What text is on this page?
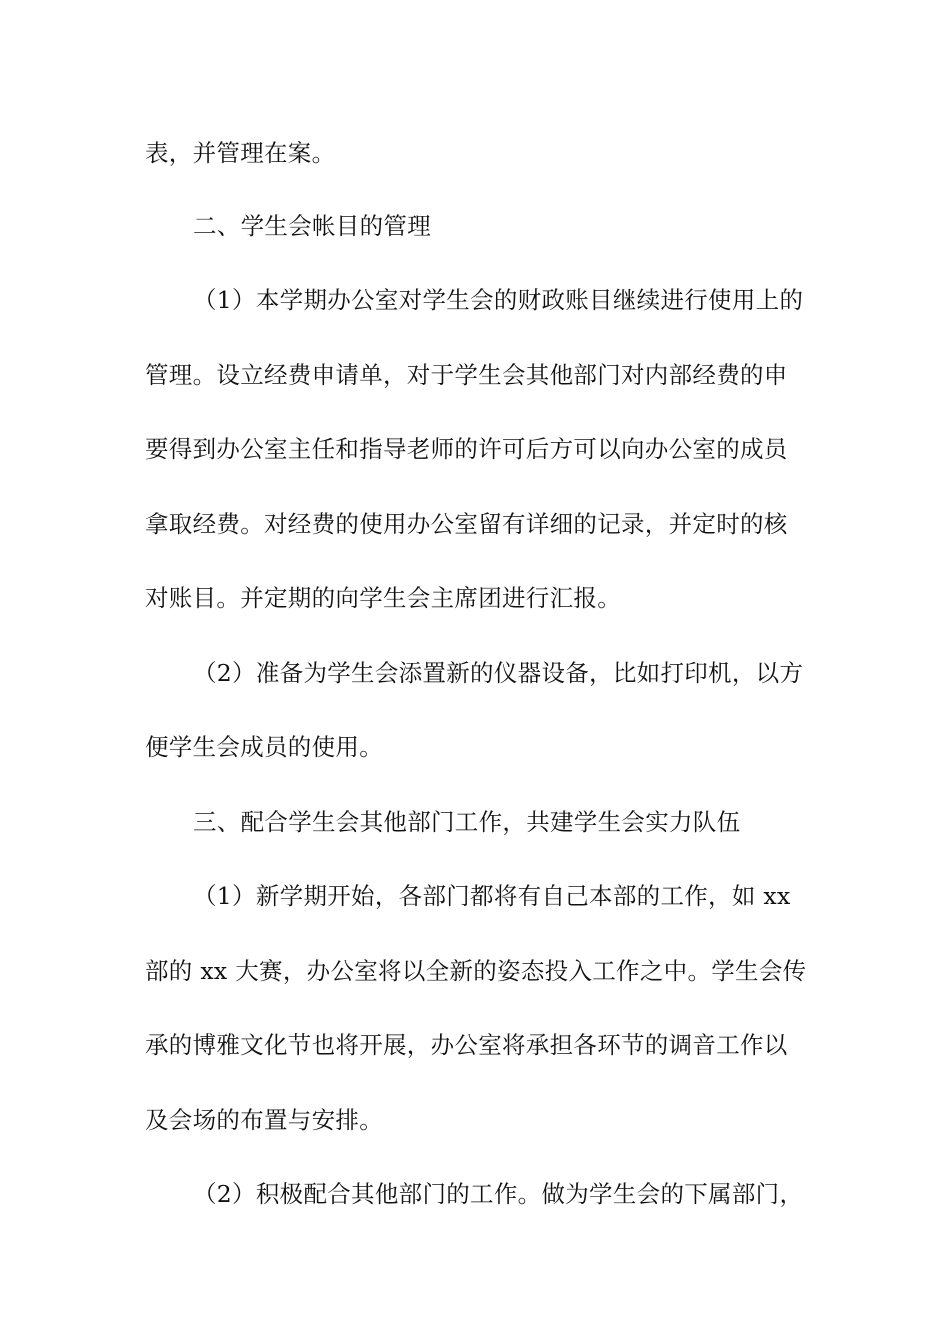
表，并管理在案。
二、学生会帐目的管理
（1）本学期办公室对学生会的财政账目继续进行使用上的
管理。设立经费申请单，对于学生会其他部门对内部经费的申
要得到办公室主任和指导老师的许可后方可以向办公室的成员
拿取经费。对经费的使用办公室留有详细的记录，并定时的核
对账目。并定期的向学生会主席团进行汇报。
（2）准备为学生会添置新的仪器设备，比如打印机，以方
便学生会成员的使用。
三、配合学生会其他部门工作，共建学生会实力队伍
（1）新学期开始，各部门都将有自己本部的工作，如 xx
部的 xx 大赛，办公室将以全新的姿态投入工作之中。学生会传
承的博雅文化节也将开展，办公室将承担各环节的调音工作以
及会场的布置与安排。
（2）积极配合其他部门的工作。做为学生会的下属部门，
